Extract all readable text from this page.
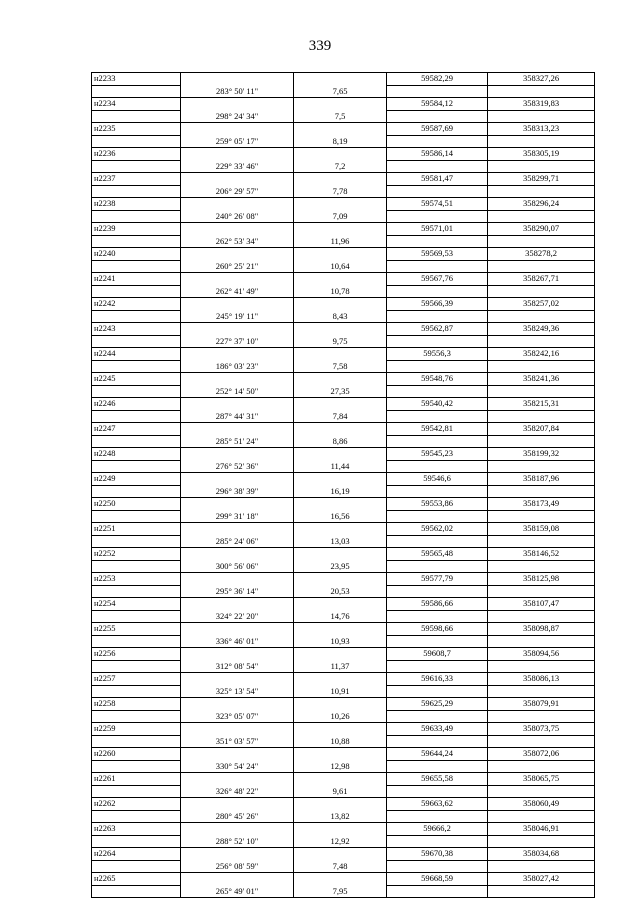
339
н2233			59582,29	358327,26
	283° 50' 11"	7,65		
н2234			59584,12	358319,83
	298° 24' 34"	7,5		
н2235			59587,69	358313,23
	259° 05' 17"	8,19		
н2236			59586,14	358305,19
	229° 33' 46"	7,2		
н2237			59581,47	358299,71
	206° 29' 57"	7,78		
н2238			59574,51	358296,24
	240° 26' 08"	7,09		
н2239			59571,01	358290,07
	262° 53' 34"	11,96		
н2240			59569,53	358278,2
	260° 25' 21"	10,64		
н2241			59567,76	358267,71
	262° 41' 49"	10,78		
н2242			59566,39	358257,02
	245° 19' 11"	8,43		
н2243			59562,87	358249,36
	227° 37' 10"	9,75		
н2244			59556,3	358242,16
	186° 03' 23"	7,58		
н2245			59548,76	358241,36
	252° 14' 50"	27,35		
н2246			59540,42	358215,31
	287° 44' 31"	7,84		
н2247			59542,81	358207,84
	285° 51' 24"	8,86		
н2248			59545,23	358199,32
	276° 52' 36"	11,44		
н2249			59546,6	358187,96
	296° 38' 39"	16,19		
н2250			59553,86	358173,49
	299° 31' 18"	16,56		
н2251			59562,02	358159,08
	285° 24' 06"	13,03		
н2252			59565,48	358146,52
	300° 56' 06"	23,95		
н2253			59577,79	358125,98
	295° 36' 14"	20,53		
н2254			59586,66	358107,47
	324° 22' 20"	14,76		
н2255			59598,66	358098,87
	336° 46' 01"	10,93		
н2256			59608,7	358094,56
	312° 08' 54"	11,37		
н2257			59616,33	358086,13
	325° 13' 54"	10,91		
н2258			59625,29	358079,91
	323° 05' 07"	10,26		
н2259			59633,49	358073,75
	351° 03' 57"	10,88		
н2260			59644,24	358072,06
	330° 54' 24"	12,98		
н2261			59655,58	358065,75
	326° 48' 22"	9,61		
н2262			59663,62	358060,49
	280° 45' 26"	13,82		
н2263			59666,2	358046,91
	288° 52' 10"	12,92		
н2264			59670,38	358034,68
	256° 08' 59"	7,48		
н2265			59668,59	358027,42
	265° 49' 01"	7,95		
